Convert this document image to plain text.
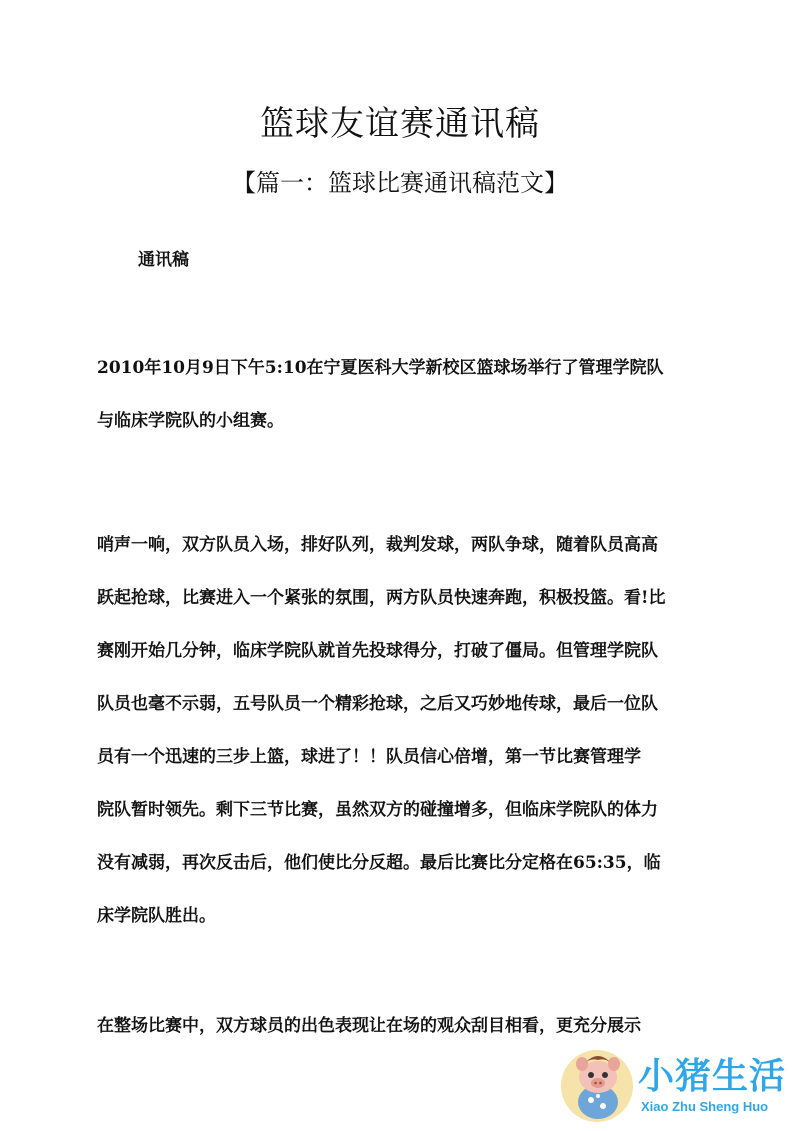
篮球友谊赛通讯稿
【篇一：篮球比赛通讯稿范文】
通讯稿

2010年10月9日下午5:10在宁夏医科大学新校区篮球场举行了管理学院队
与临床学院队的小组赛。

哨声一响，双方队员入场，排好队列，裁判发球，两队争球，随着队员高高
跃起抢球，比赛进入一个紧张的氛围，两方队员快速奔跑，积极投篮。看!比
赛刚开始几分钟，临床学院队就首先投球得分，打破了僵局。但管理学院队
队员也毫不示弱，五号队员一个精彩抢球，之后又巧妙地传球，最后一位队
员有一个迅速的三步上篮，球进了！！队员信心倍增，第一节比赛管理学
院队暂时领先。剩下三节比赛，虽然双方的碰撞增多，但临床学院队的体力
没有减弱，再次反击后，他们使比分反超。最后比赛比分定格在65:35，临
床学院队胜出。

在整场比赛中，双方球员的出色表现让在场的观众刮目相看，更充分展示

小猪生活
Xiao Zhu Sheng Huo
